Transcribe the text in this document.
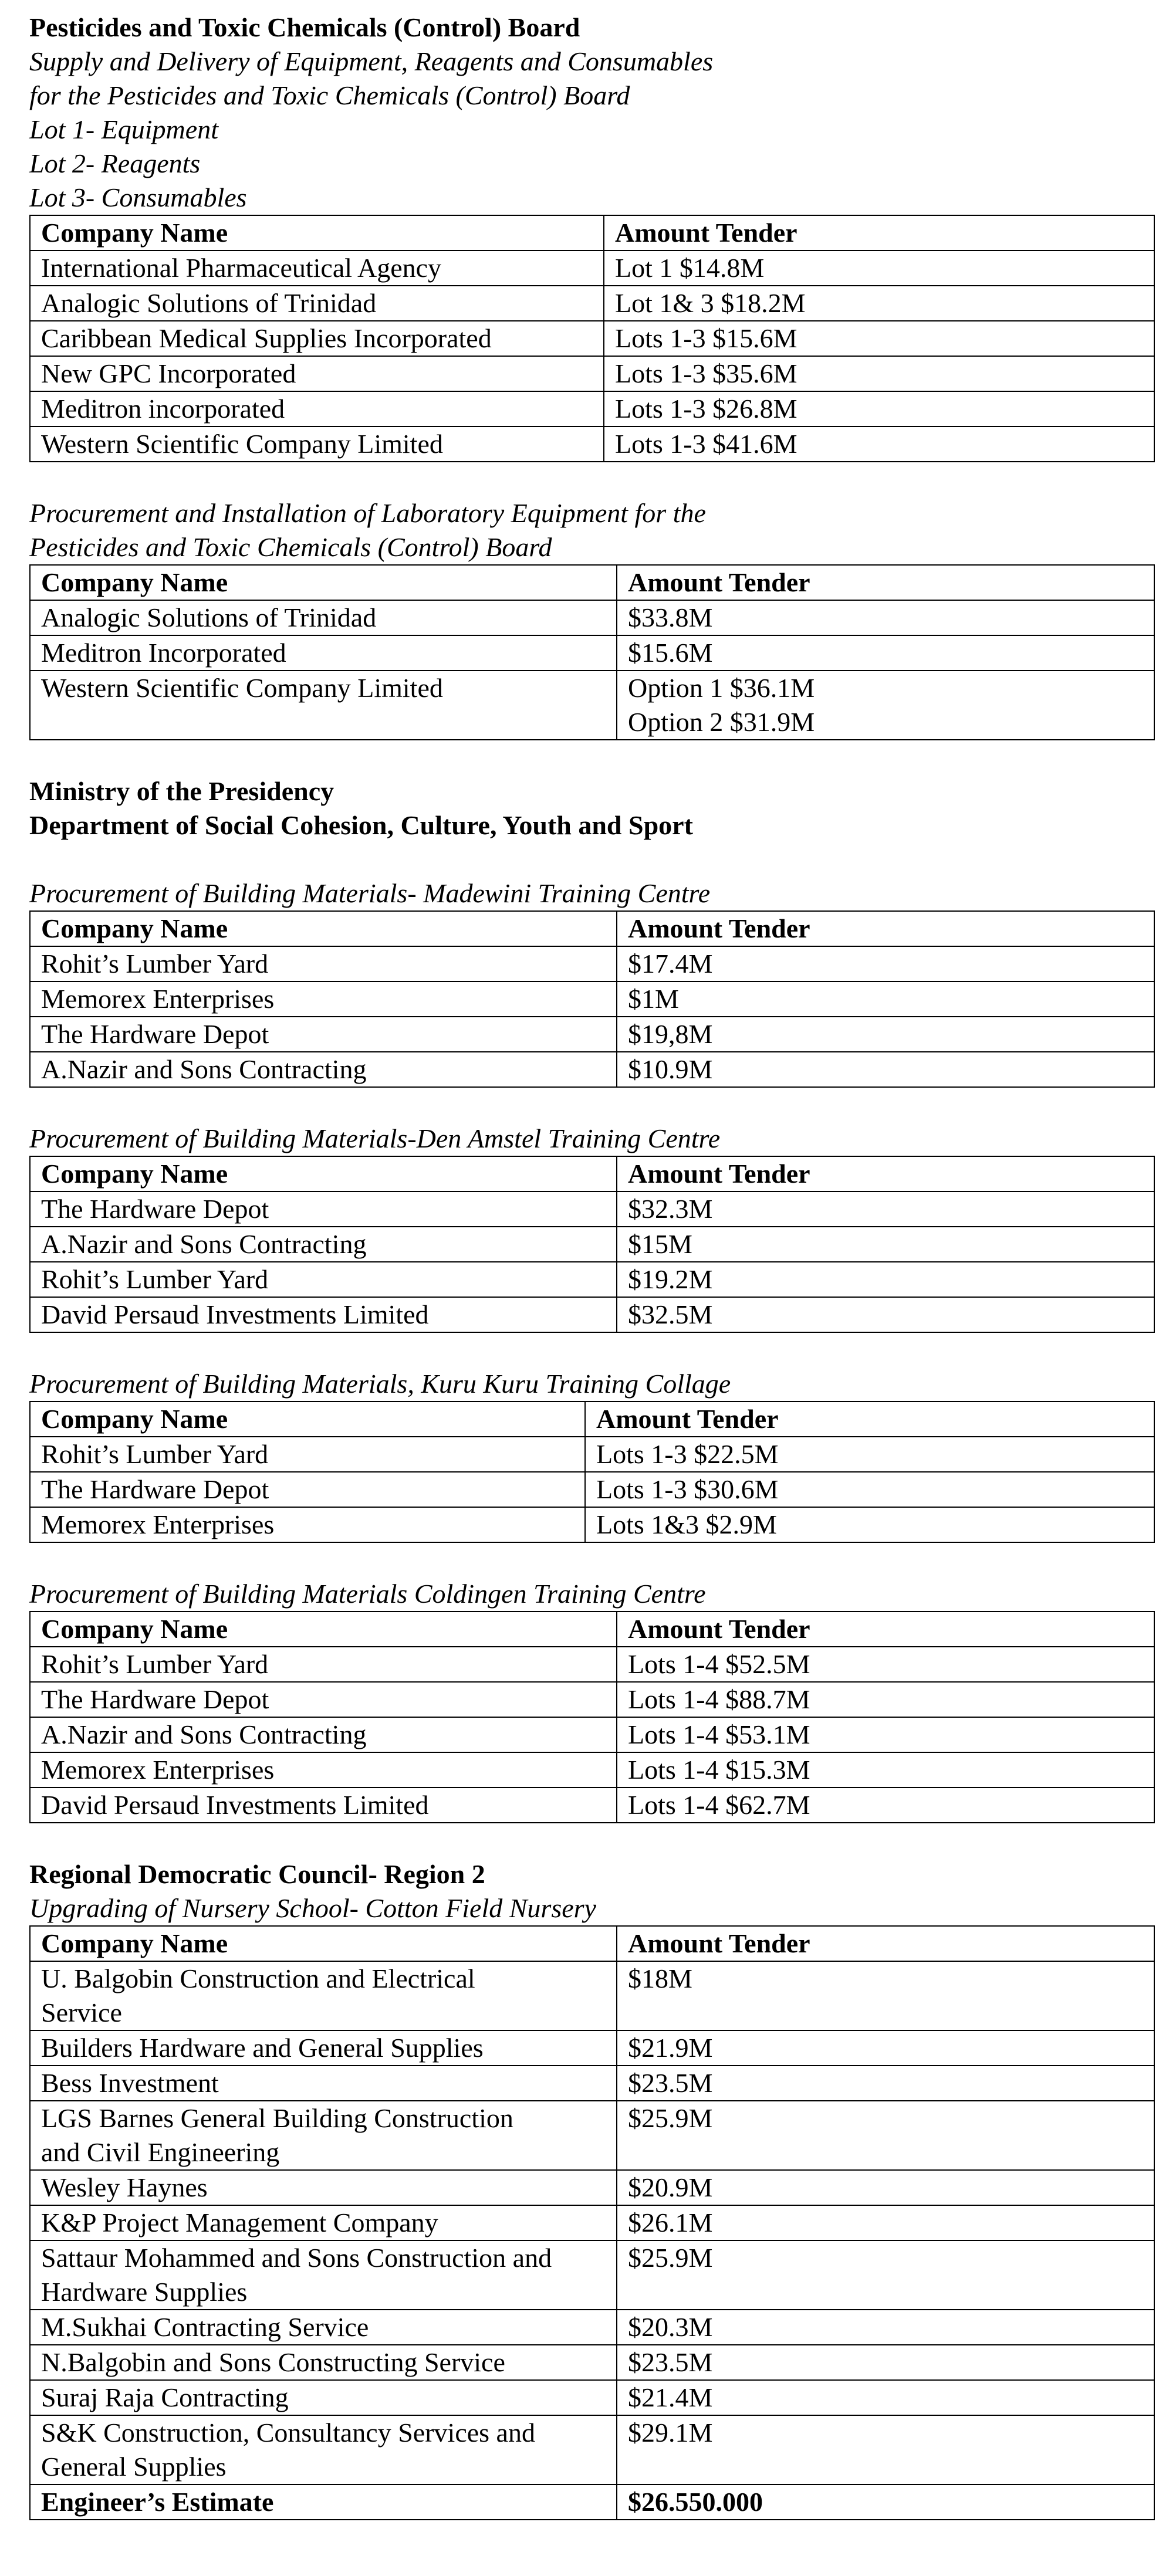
Pesticides and Toxic Chemicals (Control) Board
Supply and Delivery of Equipment, Reagents and Consumables
for the Pesticides and Toxic Chemicals (Control) Board
Lot 1- Equipment
Lot 2- Reagents
Lot 3- Consumables
Company Name	Amount Tender
International Pharmaceutical Agency	Lot 1 $14.8M
Analogic Solutions of Trinidad	Lot 1& 3 $18.2M
Caribbean Medical Supplies Incorporated	Lots 1-3 $15.6M
New GPC Incorporated	Lots 1-3 $35.6M
Meditron incorporated	Lots 1-3 $26.8M
Western Scientific Company Limited	Lots 1-3 $41.6M
Procurement and Installation of Laboratory Equipment for the
Pesticides and Toxic Chemicals (Control) Board
Company Name	Amount Tender
Analogic Solutions of Trinidad	$33.8M
Meditron Incorporated	$15.6M
Western Scientific Company Limited	Option 1 $36.1M
Option 2 $31.9M
Ministry of the Presidency
Department of Social Cohesion, Culture, Youth and Sport
Procurement of Building Materials- Madewini Training Centre
Company Name	Amount Tender
Rohit’s Lumber Yard	$17.4M
Memorex Enterprises	$1M
The Hardware Depot	$19,8M
A.Nazir and Sons Contracting	$10.9M
Procurement of Building Materials-Den Amstel Training Centre
Company Name	Amount Tender
The Hardware Depot	$32.3M
A.Nazir and Sons Contracting	$15M
Rohit’s Lumber Yard	$19.2M
David Persaud Investments Limited	$32.5M
Procurement of Building Materials, Kuru Kuru Training Collage
Company Name	Amount Tender
Rohit’s Lumber Yard	Lots 1-3 $22.5M
The Hardware Depot	Lots 1-3 $30.6M
Memorex Enterprises	Lots 1&3 $2.9M
Procurement of Building Materials Coldingen Training Centre
Company Name	Amount Tender
Rohit’s Lumber Yard	Lots 1-4 $52.5M
The Hardware Depot	Lots 1-4 $88.7M
A.Nazir and Sons Contracting	Lots 1-4 $53.1M
Memorex Enterprises	Lots 1-4 $15.3M
David Persaud Investments Limited	Lots 1-4 $62.7M
Regional Democratic Council- Region 2
Upgrading of Nursery School- Cotton Field Nursery
Company Name	Amount Tender

U. Balgobin Construction and Electrical
Service	$18M
Builders Hardware and General Supplies	$21.9M
Bess Investment	$23.5M

LGS Barnes General Building Construction
and Civil Engineering	$25.9M
Wesley Haynes	$20.9M
K&P Project Management Company	$26.1M

Sattaur Mohammed and Sons Construction and
Hardware Supplies	$25.9M
M.Sukhai Contracting Service	$20.3M
N.Balgobin and Sons Constructing Service	$23.5M
Suraj Raja Contracting	$21.4M

S&K Construction, Consultancy Services and
General Supplies	$29.1M
Engineer’s Estimate	$26.550.000
